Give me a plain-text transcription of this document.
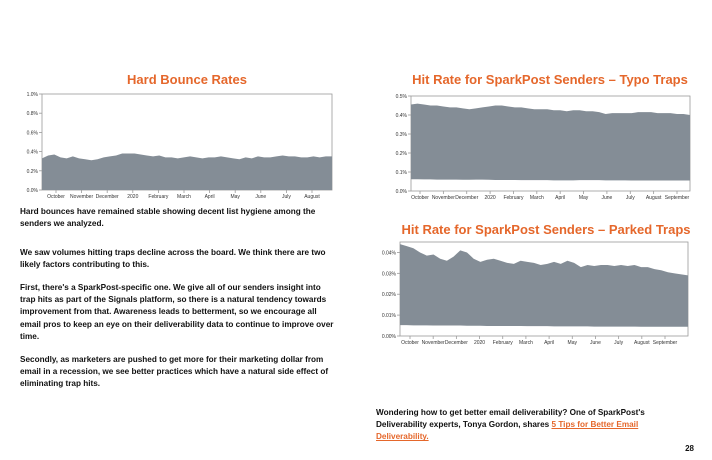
Hard Bounce Rates
0.0%
0.2%
0.4%
0.6%
0.8%
1.0%
October November December 2020 February March	April	May	June	July	August
Hit Rate for SparkPost Senders – Typo Traps
0.0%
0.1%
0.2%
0.3%
0.4%
0.5%
October November December 2020 February March April	May	June	July August September
Hit Rate for SparkPost Senders – Parked Traps
0.00%
0.01%
0.02%
0.03%
0.04%
October November December 2020 February March April	May	June	July August September

Hard bounces have remained stable showing decent list hygiene among the senders we analyzed.

We saw volumes hitting traps decline across the board. We think there are two likely factors contributing to this.

First, there's a SparkPost-specific one. We give all of our senders insight into trap hits as part of the Signals platform, so there is a natural tendency towards improvement from that. Awareness leads to betterment, so we encourage all email pros to keep an eye on their deliverability data to continue to improve over time.

Secondly, as marketers are pushed to get more for their marketing dollar from email in a recession, we see better practices which have a natural side effect of eliminating trap hits.

Wondering how to get better email deliverability? One of SparkPost's Deliverability experts, Tonya Gordon, shares 5 Tips for Better Email Deliverability.

28
